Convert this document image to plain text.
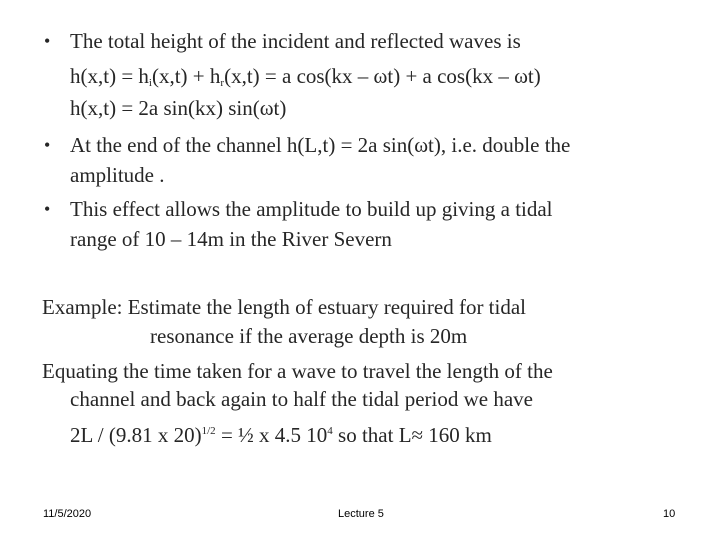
• The total height of the incident and reflected waves is
$h(x,t) = h_i(x,t) + h_r(x,t) = a$ cos(kx – ωt) + a cos(kx – ωt)
h(x,t) = 2a sin(kx) sin(ωt)
• At the end of the channel h(L,t) = 2a sin(ωt), i.e. double the
amplitude .
• This effect allows the amplitude to build up giving a tidal
range of 10 – 14m in the River Severn
Example: Estimate the length of estuary required for tidal
resonance if the average depth is 20m
Equating the time taken for a wave to travel the length of the
channel and back again to half the tidal period we have
2L / (9.81 x 20)$^{1/2}$ = ½ x 4.5 $10^4$ so that L≈ 160 km
11/5/2020	Lecture 5	10
